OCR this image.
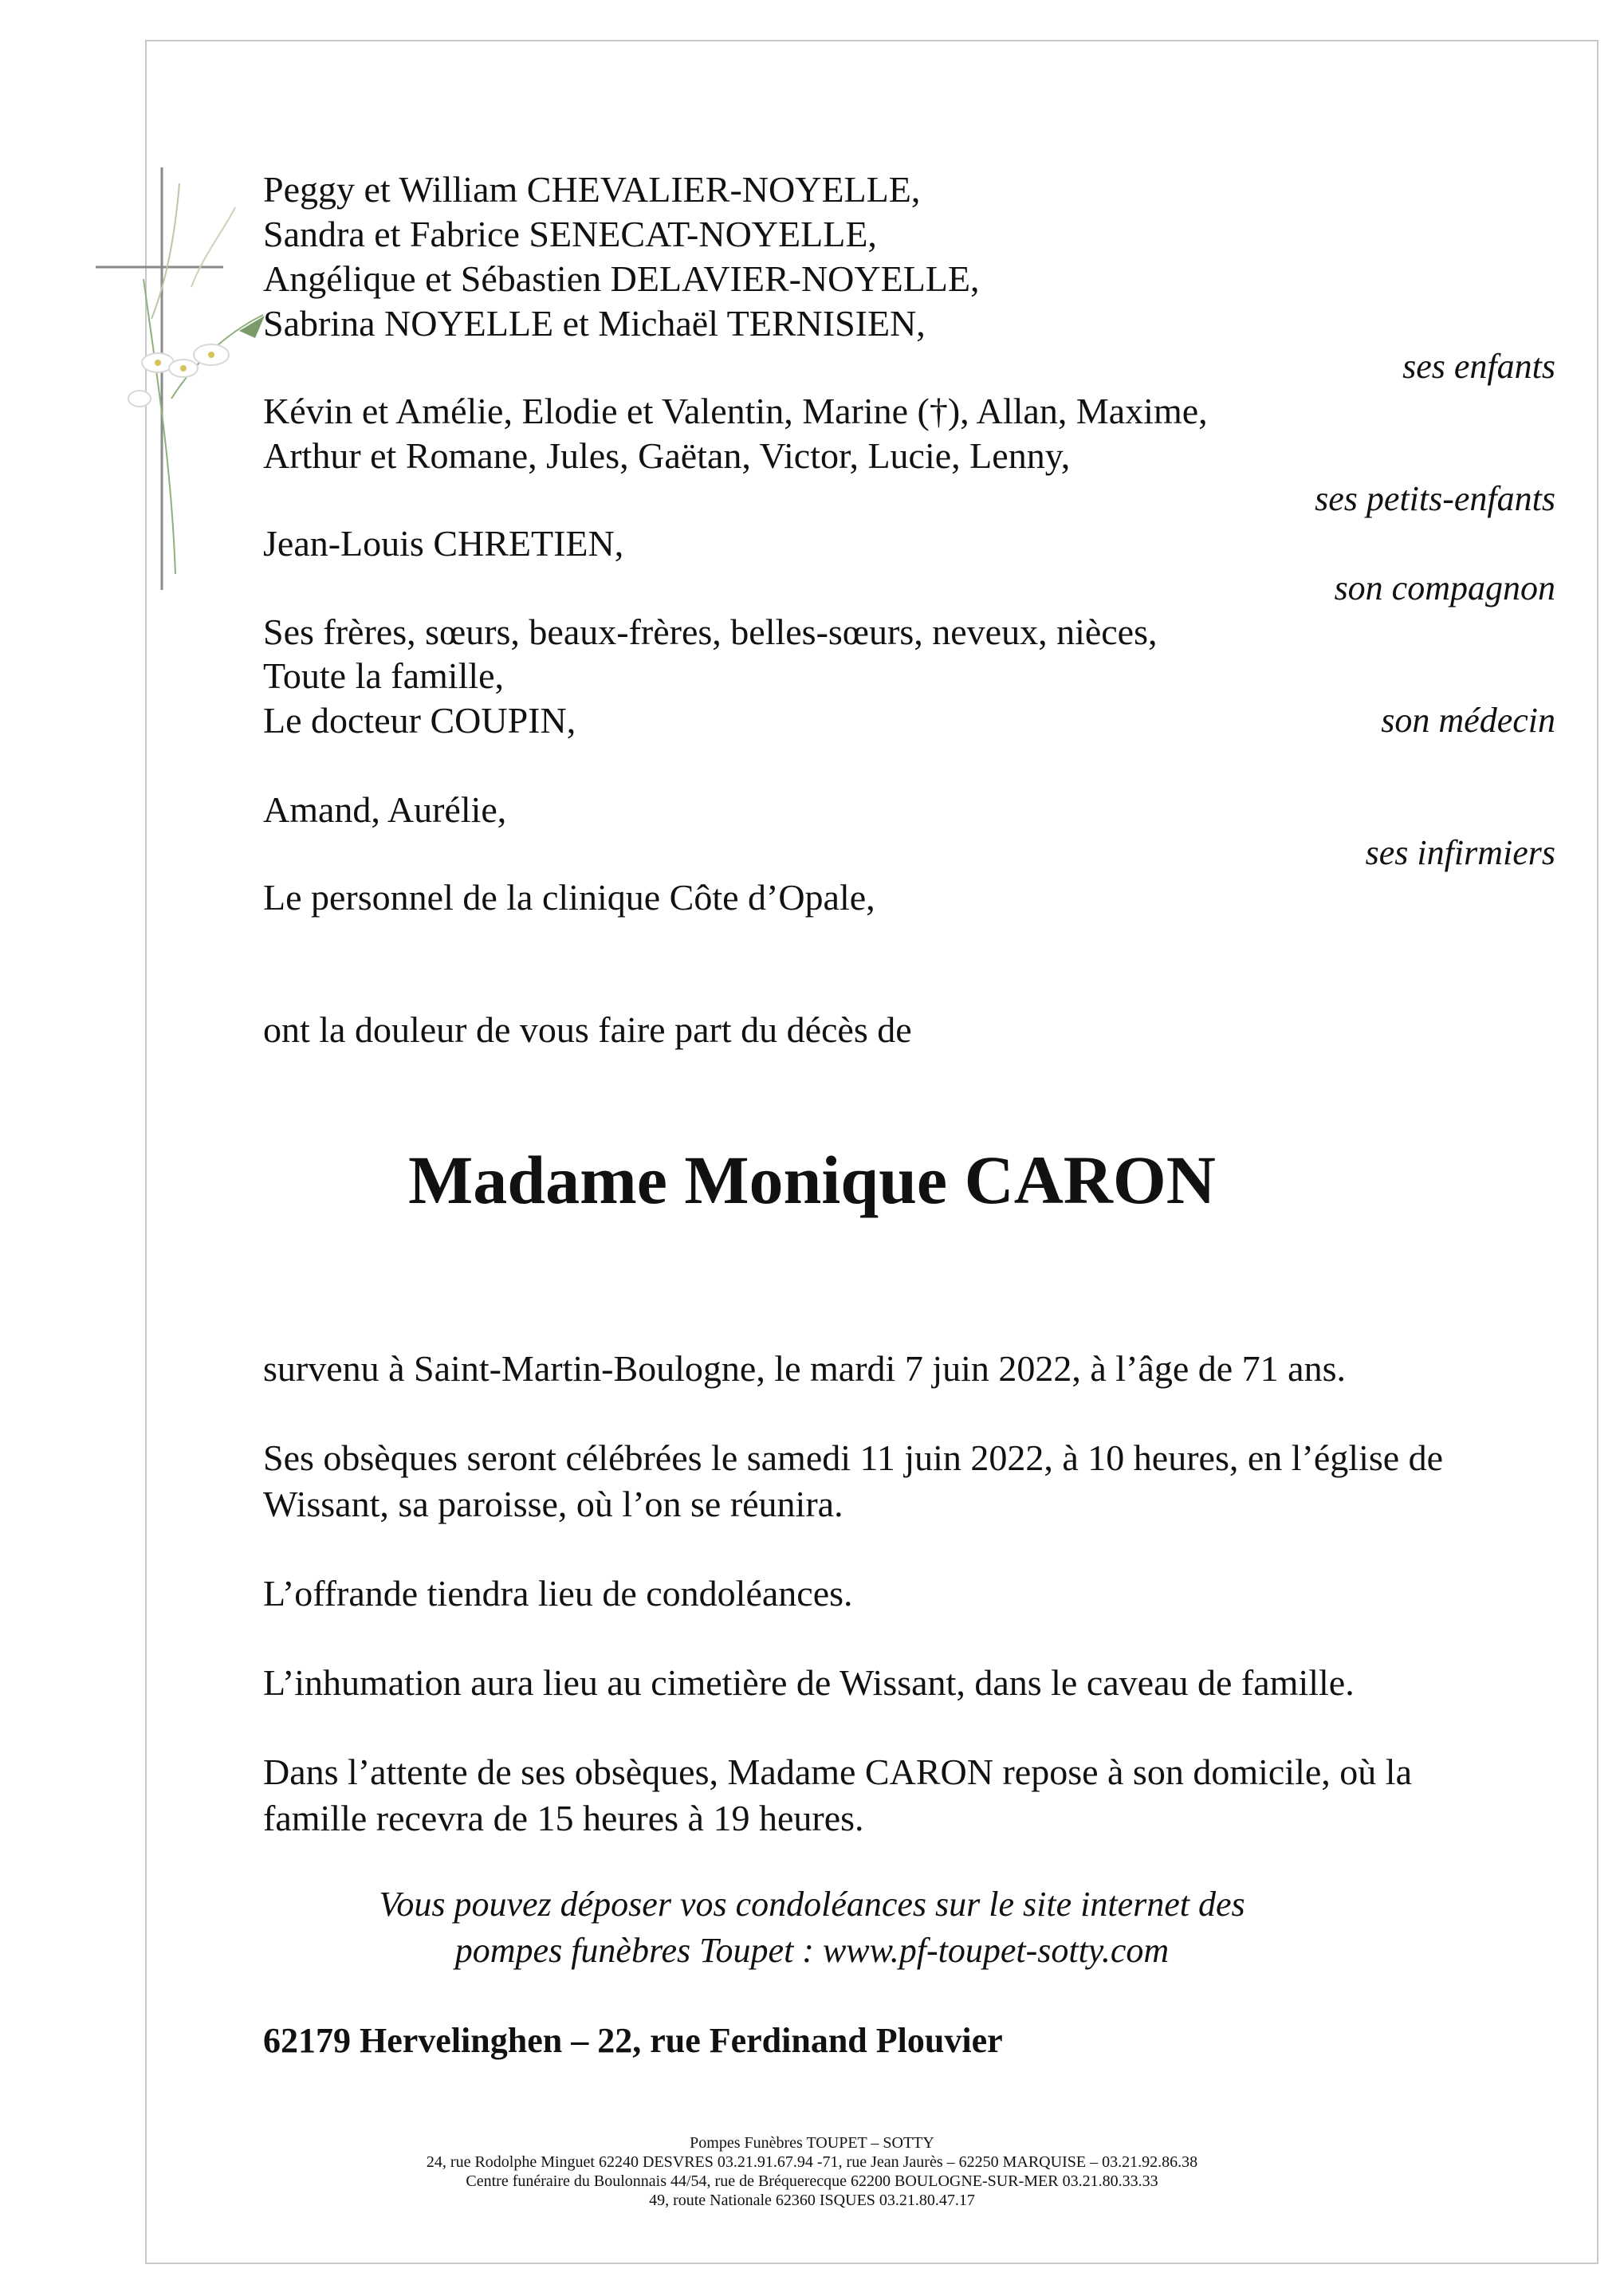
Peggy et William CHEVALIER-NOYELLE,
Sandra et Fabrice SENECAT-NOYELLE,
Angélique et Sébastien DELAVIER-NOYELLE,
Sabrina NOYELLE et Michaël TERNISIEN,
ses enfants
Kévin et Amélie, Elodie et Valentin, Marine (†), Allan, Maxime,
Arthur et Romane, Jules, Gaëtan, Victor, Lucie, Lenny,
ses petits-enfants
Jean-Louis CHRETIEN,
son compagnon
Ses frères, sœurs, beaux-frères, belles-sœurs, neveux, nièces,
Toute la famille,
Le docteur COUPIN,	son médecin
Amand, Aurélie,
ses infirmiers
Le personnel de la clinique Côte d’Opale,
ont la douleur de vous faire part du décès de
Madame Monique CARON
survenu à Saint-Martin-Boulogne, le mardi 7 juin 2022, à l’âge de 71 ans.
Ses obsèques seront célébrées le samedi 11 juin 2022, à 10 heures, en l’église de Wissant, sa paroisse, où l’on se réunira.
L’offrande tiendra lieu de condoléances.
L’inhumation aura lieu au cimetière de Wissant, dans le caveau de famille.
Dans l’attente de ses obsèques, Madame CARON repose à son domicile, où la famille recevra de 15 heures à 19 heures.
Vous pouvez déposer vos condoléances sur le site internet des
pompes funèbres Toupet : www.pf-toupet-sotty.com
62179 Hervelinghen – 22, rue Ferdinand Plouvier
Pompes Funèbres TOUPET – SOTTY
24, rue Rodolphe Minguet 62240 DESVRES 03.21.91.67.94 -71, rue Jean Jaurès – 62250 MARQUISE – 03.21.92.86.38
Centre funéraire du Boulonnais 44/54, rue de Bréquerecque 62200 BOULOGNE-SUR-MER 03.21.80.33.33
49, route Nationale 62360 ISQUES 03.21.80.47.17
